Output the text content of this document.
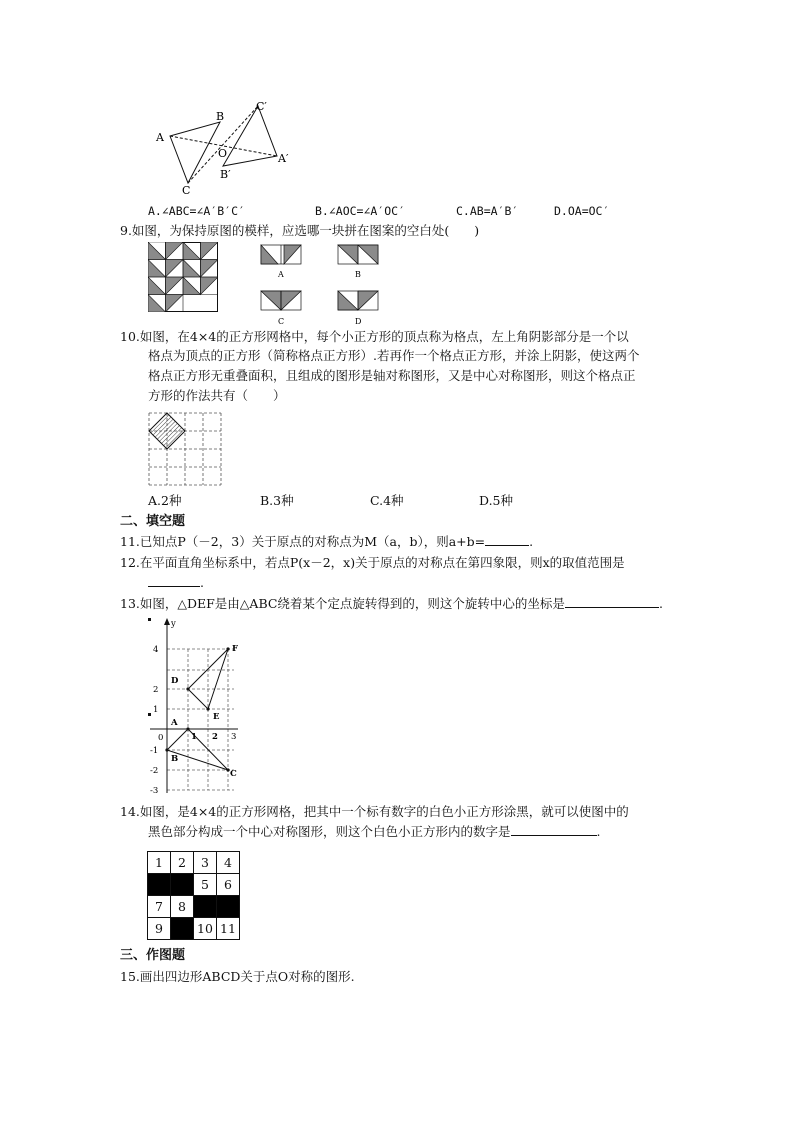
A
B
C
O
C′
A′
B′
A.∠ABC=∠A′B′C′	B.∠AOC=∠A′OC′	C.AB=A′B′	D.OA=OC′
9.如图，为保持原图的模样，应选哪一块拼在图案的空白处(　　)
A	B
C	D
10.如图，在4×4的正方形网格中，每个小正方形的顶点称为格点，左上角阴影部分是一个以
格点为顶点的正方形（简称格点正方形）.若再作一个格点正方形，并涂上阴影，使这两个
格点正方形无重叠面积，且组成的图形是轴对称图形，又是中心对称图形，则这个格点正
方形的作法共有（　　）
A.2种	B.3种	C.4种	D.5种
二、填空题
11.已知点P（－2，3）关于原点的对称点为M（a，b），则a+b=	.
12.在平面直角坐标系中，若点P(x－2，x)关于原点的对称点在第四象限，则x的取值范围是
.
13.如图，△DEF是由△ABC绕着某个定点旋转得到的，则这个旋转中心的坐标是	.
y
4
2
1
0
-1
-2
-3
1 2 3
D
E
F
A
B
C
14.如图，是4×4的正方形网格，把其中一个标有数字的白色小正方形涂黑，就可以使图中的
黑色部分构成一个中心对称图形，则这个白色小正方形内的数字是	.
1	2	3	4
		5	6
7	8		
9		10	11
三、作图题
15.画出四边形ABCD关于点O对称的图形.
